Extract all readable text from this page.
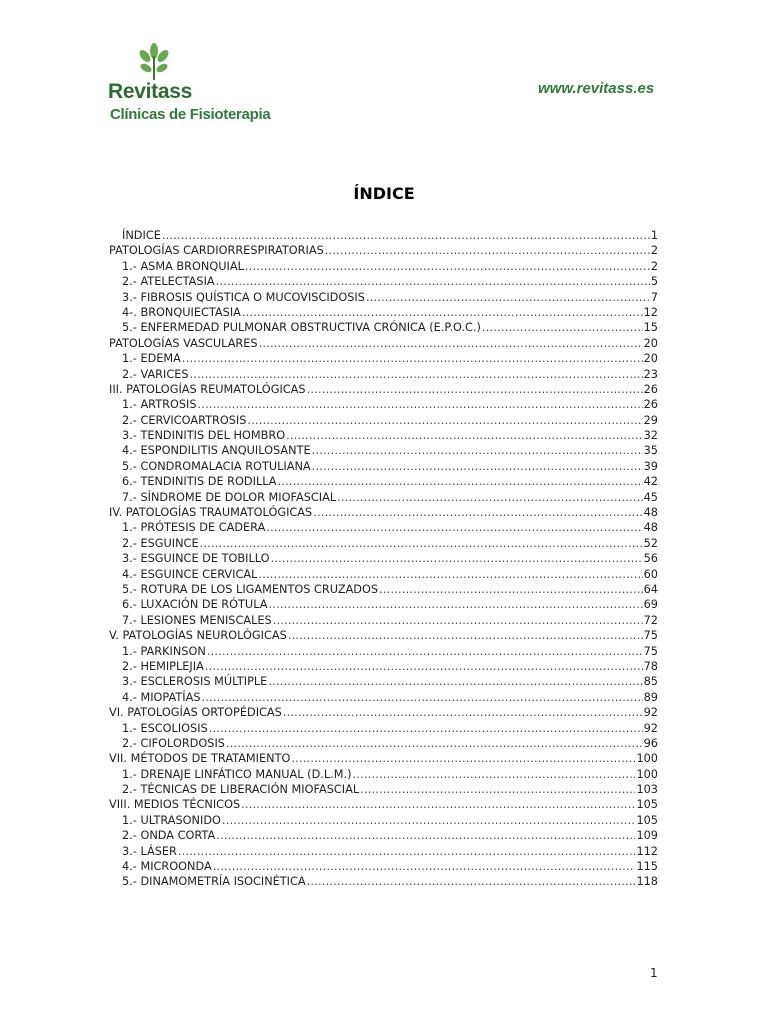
Revitass
Clínicas de Fisioterapia
www.revitass.es
ÍNDICE
ÍNDICE .....	1
PATOLOGÍAS CARDIORRESPIRATORIAS .....	2
1.- ASMA BRONQUIAL .....	2
2.- ATELECTASIA .....	5
3.- FIBROSIS QUÍSTICA O MUCOVISCIDOSIS .....	7
4-. BRONQUIECTASIA .....	12
5.- ENFERMEDAD PULMONAR OBSTRUCTIVA CRÓNICA (E.P.O.C.) .....	15
PATOLOGÍAS VASCULARES .....	20
1.- EDEMA .....	20
2.- VARICES .....	23
III. PATOLOGÍAS REUMATOLÓGICAS .....	26
1.- ARTROSIS .....	26
2.- CERVICOARTROSIS .....	29
3.- TENDINITIS DEL HOMBRO .....	32
4.- ESPONDILITIS ANQUILOSANTE .....	35
5.- CONDROMALACIA ROTULIANA .....	39
6.- TENDINITIS DE RODILLA .....	42
7.- SÍNDROME DE DOLOR MIOFASCIAL .....	45
IV. PATOLOGÍAS TRAUMATOLÓGICAS .....	48
1.- PRÓTESIS DE CADERA .....	48
2.- ESGUINCE .....	52
3.- ESGUINCE DE TOBILLO .....	56
4.- ESGUINCE CERVICAL .....	60
5.- ROTURA DE LOS LIGAMENTOS CRUZADOS .....	64
6.- LUXACIÓN DE RÓTULA .....	69
7.- LESIONES MENISCALES .....	72
V. PATOLOGÍAS NEUROLÓGICAS .....	75
1.- PARKINSON .....	75
2.- HEMIPLEJIA .....	78
3.- ESCLEROSIS MÚLTIPLE .....	85
4.- MIOPATÍAS .....	89
VI. PATOLOGÍAS ORTOPÉDICAS .....	92
1.- ESCOLIOSIS .....	92
2.- CIFOLORDOSIS .....	96
VII. MÉTODOS DE TRATAMIENTO .....	100
1.- DRENAJE LINFÁTICO MANUAL (D.L.M.) .....	100
2.- TÉCNICAS DE LIBERACIÓN MIOFASCIAL .....	103
VIII. MEDIOS TÉCNICOS .....	105
1.- ULTRASONIDO .....	105
2.- ONDA CORTA .....	109
3.- LÁSER .....	112
4.- MICROONDA .....	115
5.- DINAMOMETRÍA ISOCINÉTICA .....	118
1
